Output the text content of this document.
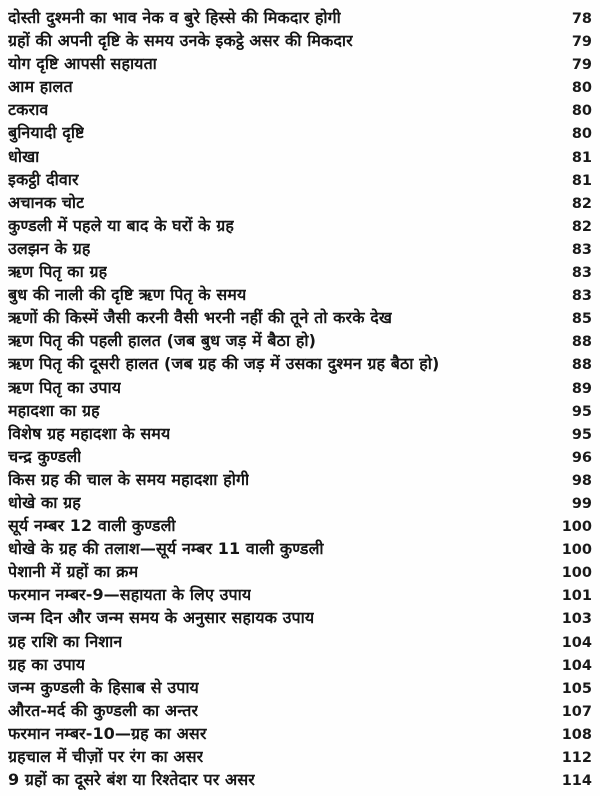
दोस्ती दुश्मनी का भाव नेक व बुरे हिस्से की मिकदार होगी	78
ग्रहों की अपनी दृष्टि के समय उनके इकट्ठे असर की मिकदार	79
योग दृष्टि आपसी सहायता	79
आम हालत	80
टकराव	80
बुनियादी दृष्टि	80
धोखा	81
इकट्ठी दीवार	81
अचानक चोट	82
कुण्डली में पहले या बाद के घरों के ग्रह	82
उलझन के ग्रह	83
ऋण पितृ का ग्रह	83
बुध की नाली की दृष्टि ऋण पितृ के समय	83
ऋणों की किस्में जैसी करनी वैसी भरनी नहीं की तूने तो करके देख	85
ऋण पितृ की पहली हालत (जब बुध जड़ में बैठा हो)	88
ऋण पितृ की दूसरी हालत (जब ग्रह की जड़ में उसका दुश्मन ग्रह बैठा हो)	88
ऋण पितृ का उपाय	89
महादशा का ग्रह	95
विशेष ग्रह महादशा के समय	95
चन्द्र कुण्डली	96
किस ग्रह की चाल के समय महादशा होगी	98
धोखे का ग्रह	99
सूर्य नम्बर 12 वाली कुण्डली	100
धोखे के ग्रह की तलाश—सूर्य नम्बर 11 वाली कुण्डली	100
पेशानी में ग्रहों का क्रम	100
फरमान नम्बर-9—सहायता के लिए उपाय	101
जन्म दिन और जन्म समय के अनुसार सहायक उपाय	103
ग्रह राशि का निशान	104
ग्रह का उपाय	104
जन्म कुण्डली के हिसाब से उपाय	105
औरत-मर्द की कुण्डली का अन्तर	107
फरमान नम्बर-10—ग्रह का असर	108
ग्रहचाल में चीज़ों पर रंग का असर	112
9 ग्रहों का दूसरे बंश या रिश्तेदार पर असर	114
